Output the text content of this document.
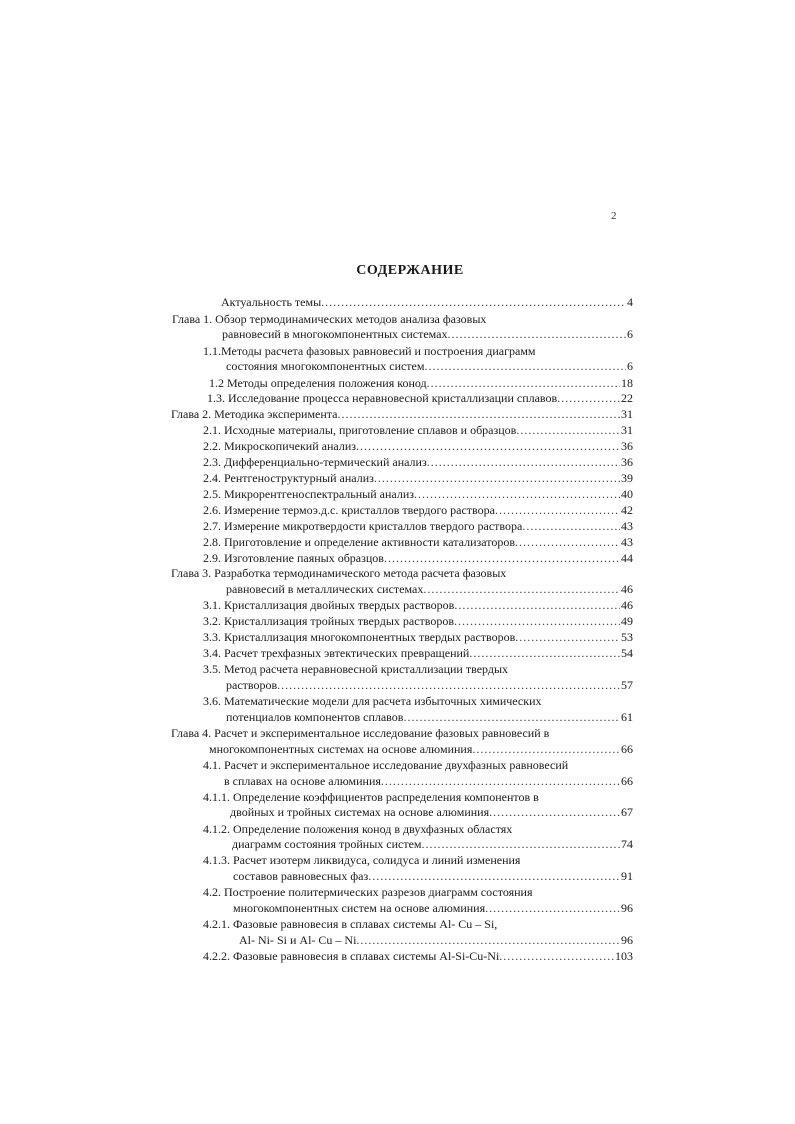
2
СОДЕРЖАНИЕ
Актуальность темы .....	4
Глава 1. Обзор термодинамических методов анализа фазовых
равновесий в многокомпонентных системах .....	6
1.1.Методы расчета фазовых равновесий и построения диаграмм
состояния многокомпонентных систем .....	6
1.2 Методы определения положения конод .....	18
1.3. Исследование процесса неравновесной кристаллизации сплавов .....	22
Глава 2. Методика эксперимента .....	31
2.1. Исходные материалы, приготовление сплавов и образцов .....	31
2.2. Микроскопичекий анализ .....	36
2.3. Дифференциально-термический анализ .....	36
2.4. Рентгеноструктурный анализ .....	39
2.5. Микрорентгеноспектральный анализ .....	40
2.6. Измерение термоэ.д.с. кристаллов твердого раствора .....	42
2.7. Измерение микротвердости кристаллов твердого раствора .....	43
2.8. Приготовление и определение активности катализаторов .....	43
2.9. Изготовление паяных образцов .....	44
Глава 3. Разработка термодинамического метода расчета фазовых
равновесий в металлических системах .....	46
3.1. Кристаллизация двойных твердых растворов .....	46
3.2. Кристаллизация тройных твердых растворов .....	49
3.3. Кристаллизация многокомпонентных твердых растворов .....	53
3.4. Расчет трехфазных эвтектических превращений .....	54
3.5. Метод расчета неравновесной кристаллизации твердых
растворов .....	57
3.6. Математические модели для расчета избыточных химических
потенциалов компонентов сплавов .....	61
Глава 4. Расчет и экспериментальное исследование фазовых равновесий в
многокомпонентных системах на основе алюминия .....	66
4.1. Расчет и экспериментальное исследование двухфазных равновесий
в сплавах на основе алюминия .....	66
4.1.1. Определение коэффициентов распределения компонентов в
двойных и тройных системах на основе алюминия .....	67
4.1.2. Определение положения конод в двухфазных областях
диаграмм состояния тройных систем .....	74
4.1.3. Расчет изотерм ликвидуса, солидуса и линий изменения
составов равновесных фаз .....	91
4.2. Построение политермических разрезов диаграмм состояния
многокомпонентных систем на основе алюминия .....	96
4.2.1. Фазовые равновесия в сплавах системы Al- Cu – Si,
Al- Ni- Si и Al- Cu – Ni .....	96
4.2.2. Фазовые равновесия в сплавах системы Al-Si-Cu-Ni .....	103
